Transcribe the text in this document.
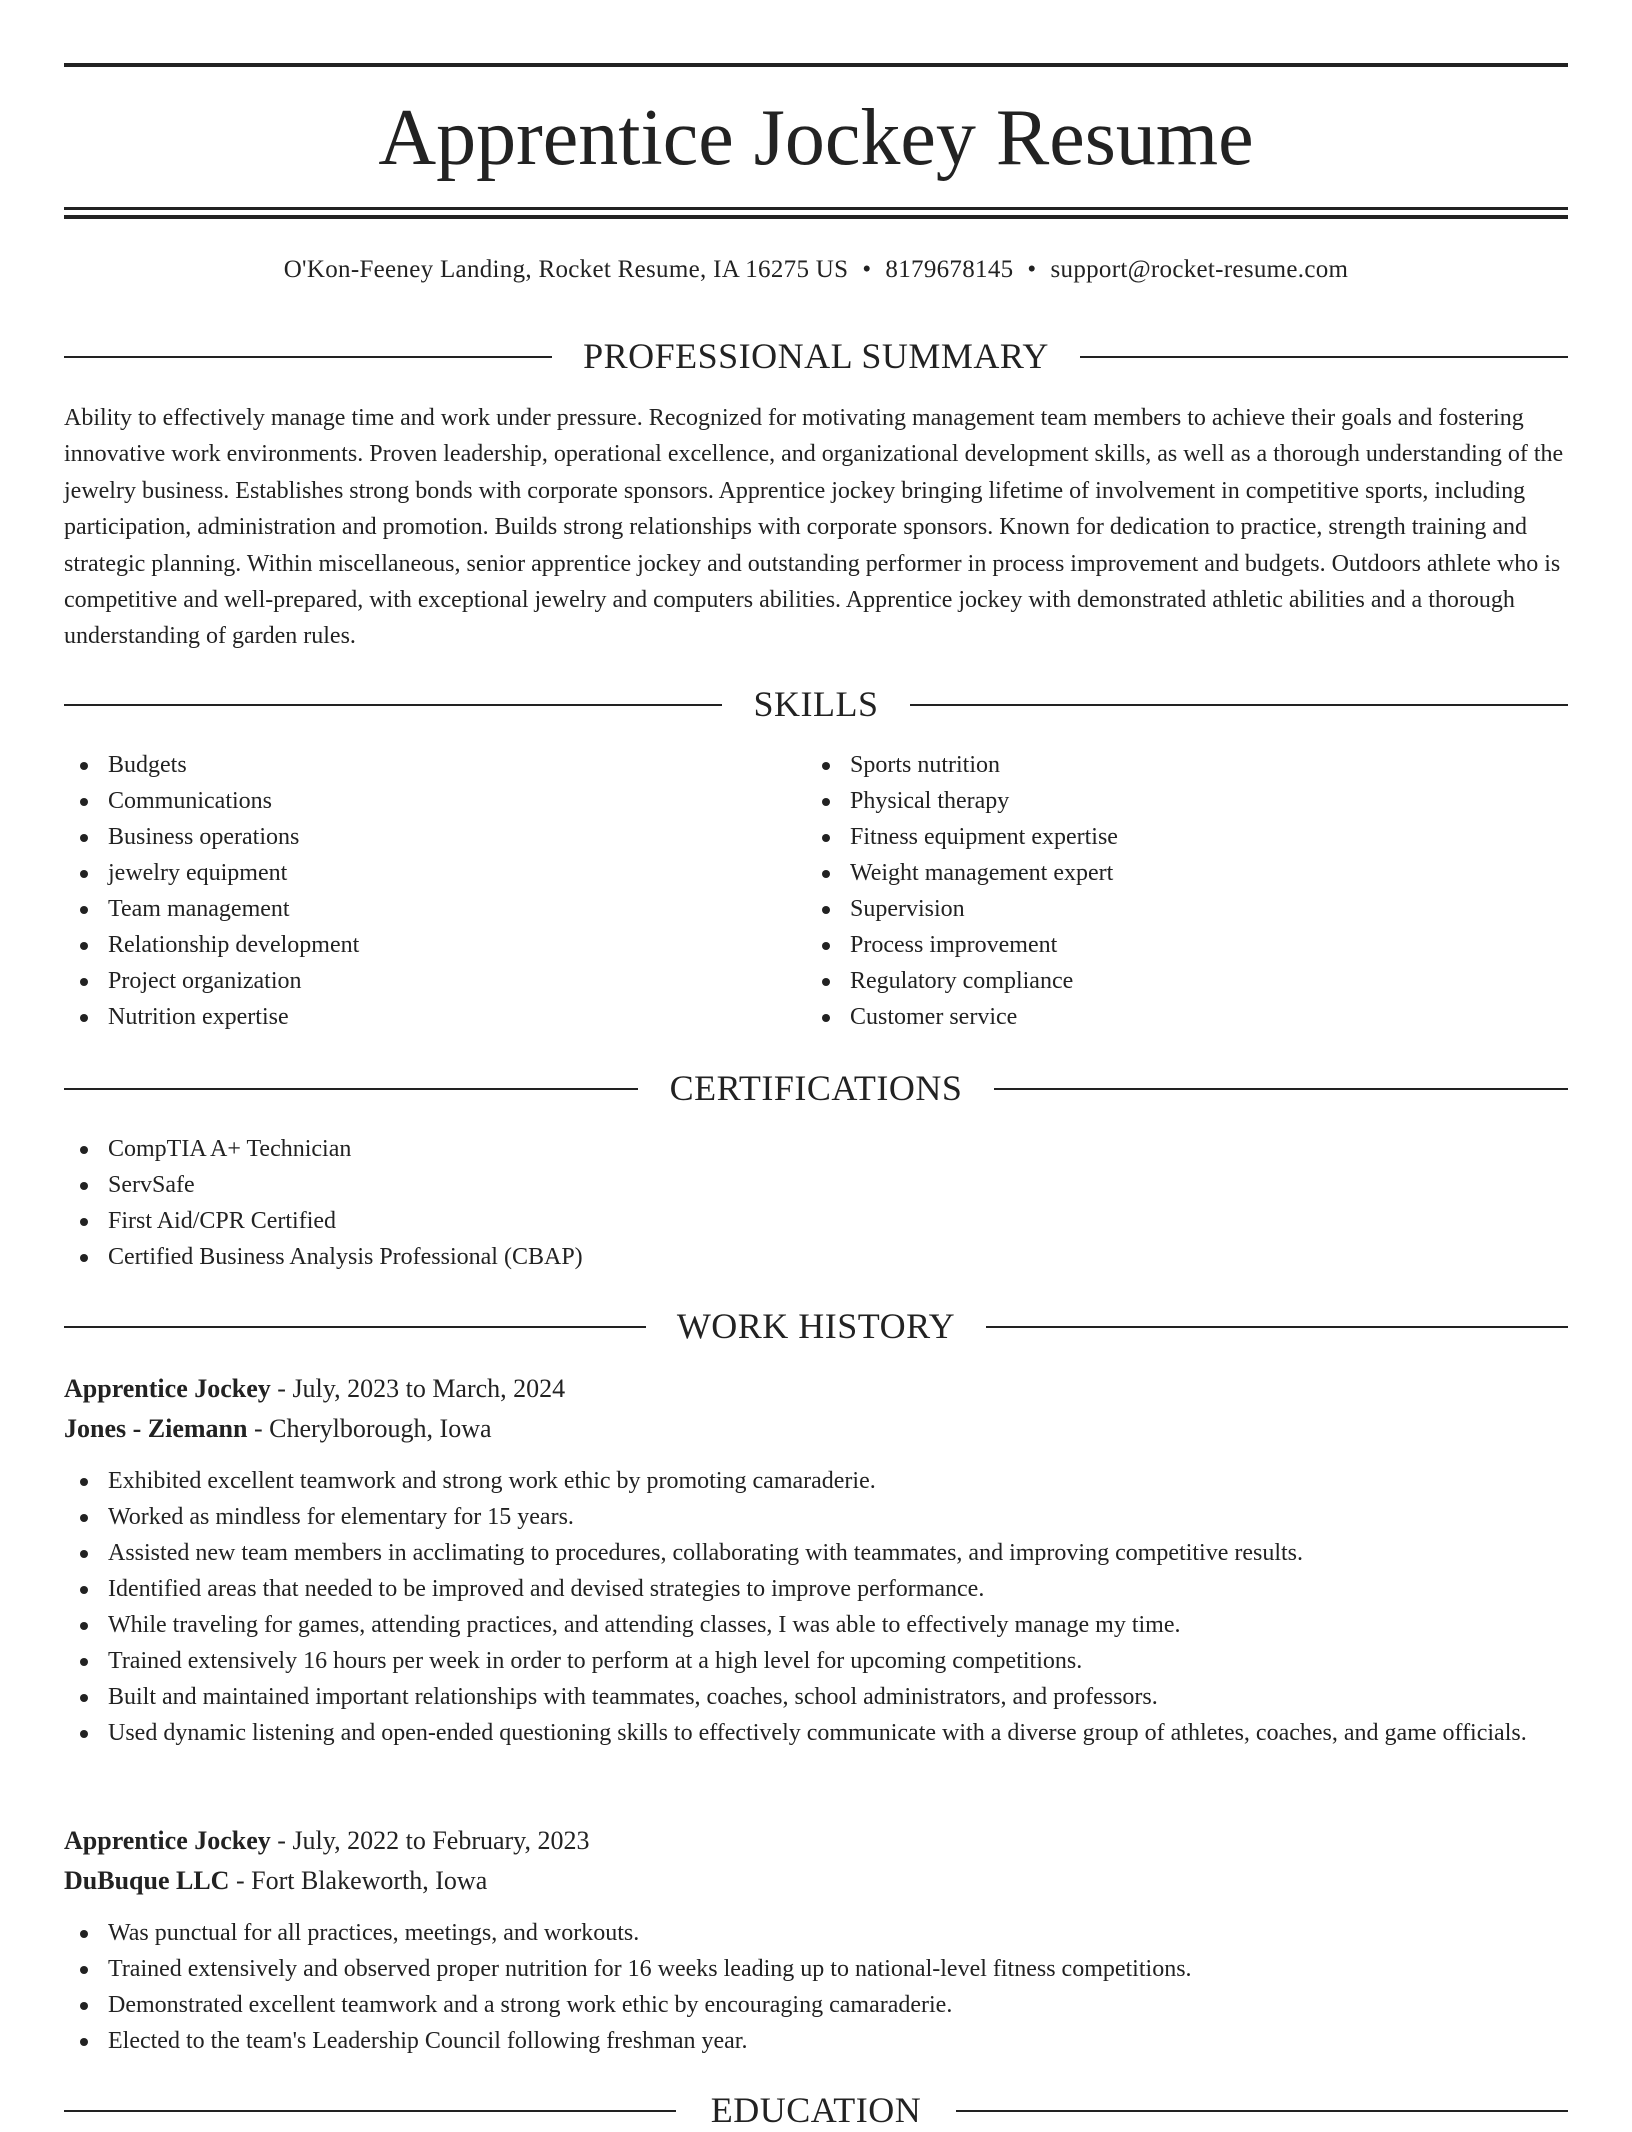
Apprentice Jockey Resume
O'Kon-Feeney Landing, Rocket Resume, IA 16275 US • 8179678145 • support@rocket-resume.com
PROFESSIONAL SUMMARY

Ability to effectively manage time and work under pressure. Recognized for motivating management team members to achieve their goals and fostering innovative work environments. Proven leadership, operational excellence, and organizational development skills, as well as a thorough understanding of the jewelry business. Establishes strong bonds with corporate sponsors. Apprentice jockey bringing lifetime of involvement in competitive sports, including participation, administration and promotion. Builds strong relationships with corporate sponsors. Known for dedication to practice, strength training and strategic planning. Within miscellaneous, senior apprentice jockey and outstanding performer in process improvement and budgets. Outdoors athlete who is competitive and well-prepared, with exceptional jewelry and computers abilities. Apprentice jockey with demonstrated athletic abilities and a thorough understanding of garden rules.

SKILLS
Budgets
Communications
Business operations
jewelry equipment
Team management
Relationship development
Project organization
Nutrition expertise
Sports nutrition
Physical therapy
Fitness equipment expertise
Weight management expert
Supervision
Process improvement
Regulatory compliance
Customer service
CERTIFICATIONS
CompTIA A+ Technician
ServSafe
First Aid/CPR Certified
Certified Business Analysis Professional (CBAP)
WORK HISTORY
Apprentice Jockey - July, 2023 to March, 2024
Jones - Ziemann - Cherylborough, Iowa
Exhibited excellent teamwork and strong work ethic by promoting camaraderie.
Worked as mindless for elementary for 15 years.
Assisted new team members in acclimating to procedures, collaborating with teammates, and improving competitive results.
Identified areas that needed to be improved and devised strategies to improve performance.
While traveling for games, attending practices, and attending classes, I was able to effectively manage my time.
Trained extensively 16 hours per week in order to perform at a high level for upcoming competitions.
Built and maintained important relationships with teammates, coaches, school administrators, and professors.
Used dynamic listening and open-ended questioning skills to effectively communicate with a diverse group of athletes, coaches, and game officials.
Apprentice Jockey - July, 2022 to February, 2023
DuBuque LLC - Fort Blakeworth, Iowa
Was punctual for all practices, meetings, and workouts.
Trained extensively and observed proper nutrition for 16 weeks leading up to national-level fitness competitions.
Demonstrated excellent teamwork and a strong work ethic by encouraging camaraderie.
Elected to the team's Leadership Council following freshman year.
EDUCATION
